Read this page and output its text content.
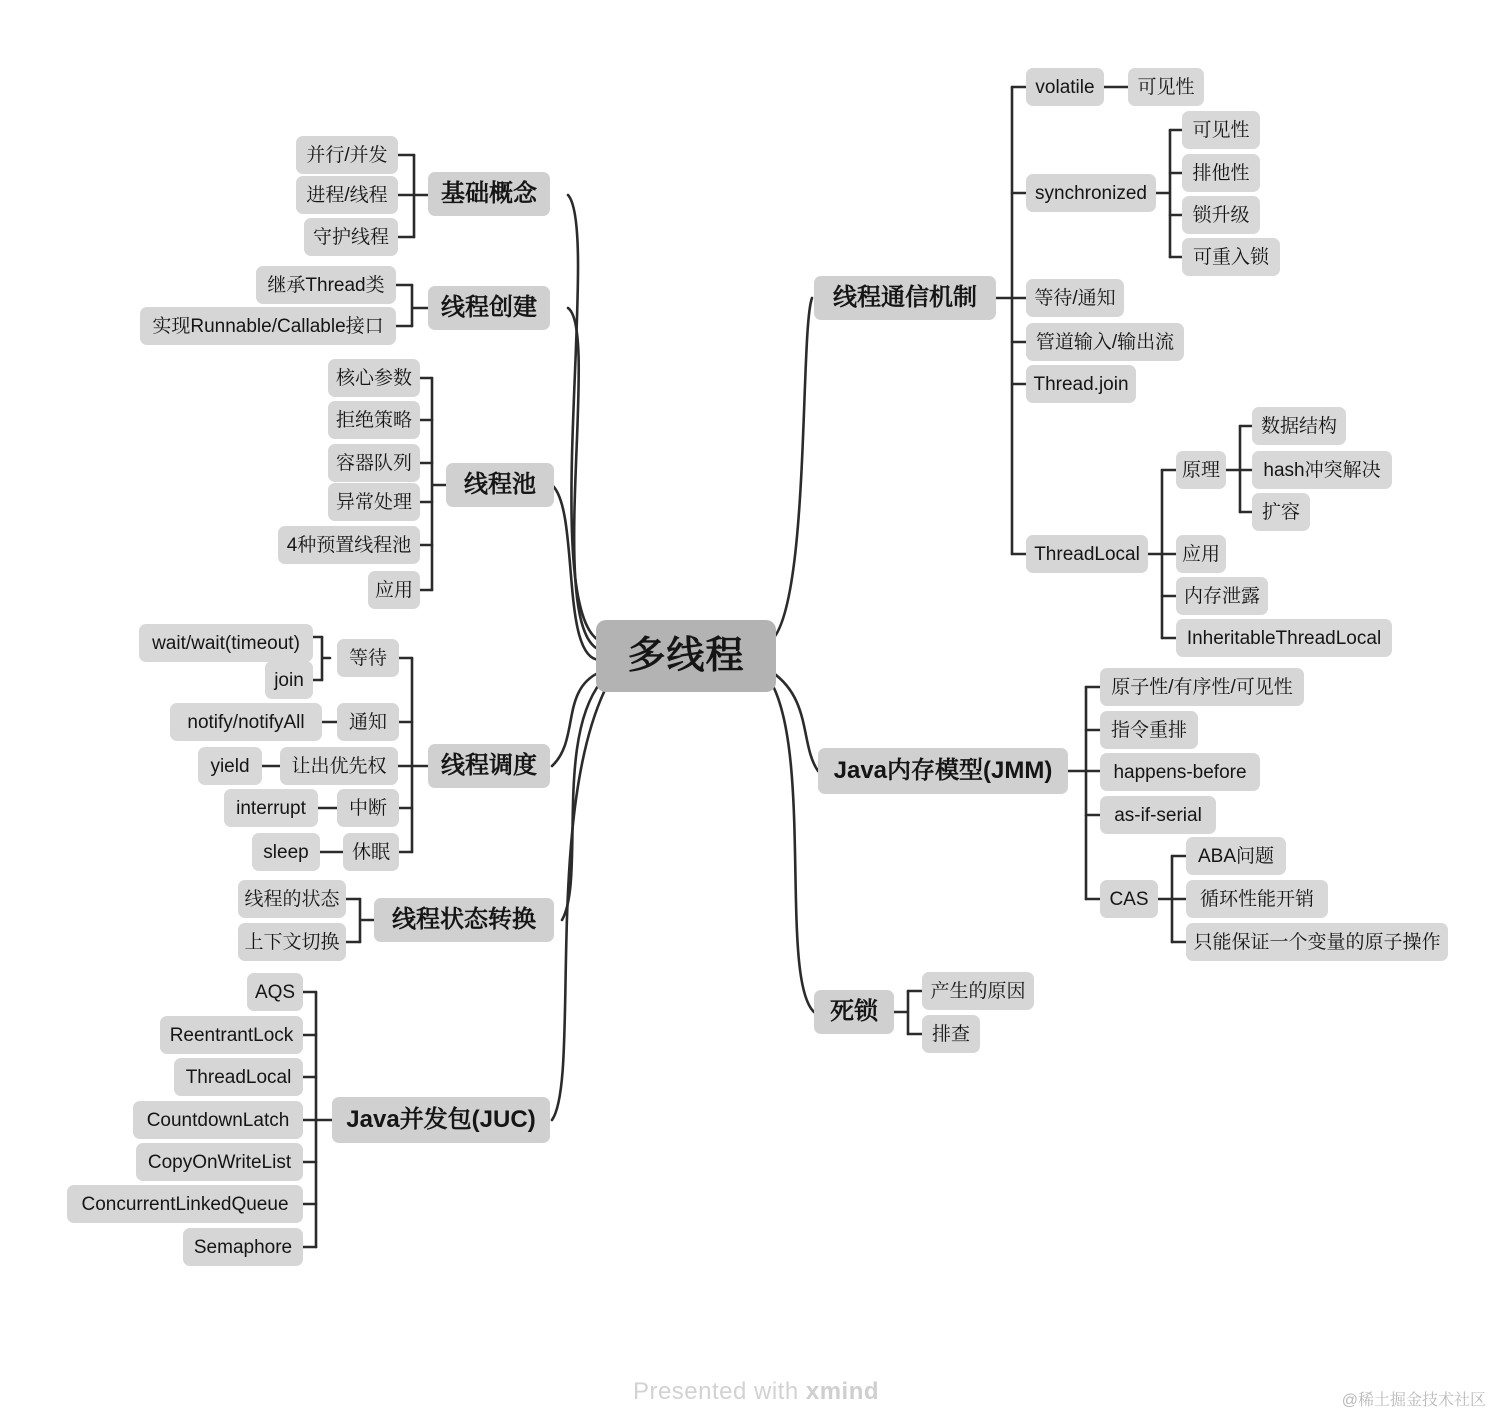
多线程
基础概念
并行/并发
进程/线程
守护线程
线程创建
继承Thread类
实现Runnable/Callable接口
线程池
核心参数
拒绝策略
容器队列
异常处理
4种预置线程池
应用
线程调度
等待
wait/wait(timeout)
join
通知
notify/notifyAll
让出优先权
yield
中断
interrupt
休眠
sleep
线程状态转换
线程的状态
上下文切换
Java并发包(JUC)
AQS
ReentrantLock
ThreadLocal
CountdownLatch
CopyOnWriteList
ConcurrentLinkedQueue
Semaphore
线程通信机制
volatile 可见性
synchronized
可见性
排他性
锁升级
可重入锁
等待/通知
管道输入/输出流
Thread.join
ThreadLocal
原理
数据结构
hash冲突解决
扩容
应用
内存泄露
InheritableThreadLocal
Java内存模型(JMM)
原子性/有序性/可见性
指令重排
happens-before
as-if-serial
CAS
ABA问题
循环性能开销
只能保证一个变量的原子操作
死锁
产生的原因
排查
Presented with xmind	@稀土掘金技术社区
